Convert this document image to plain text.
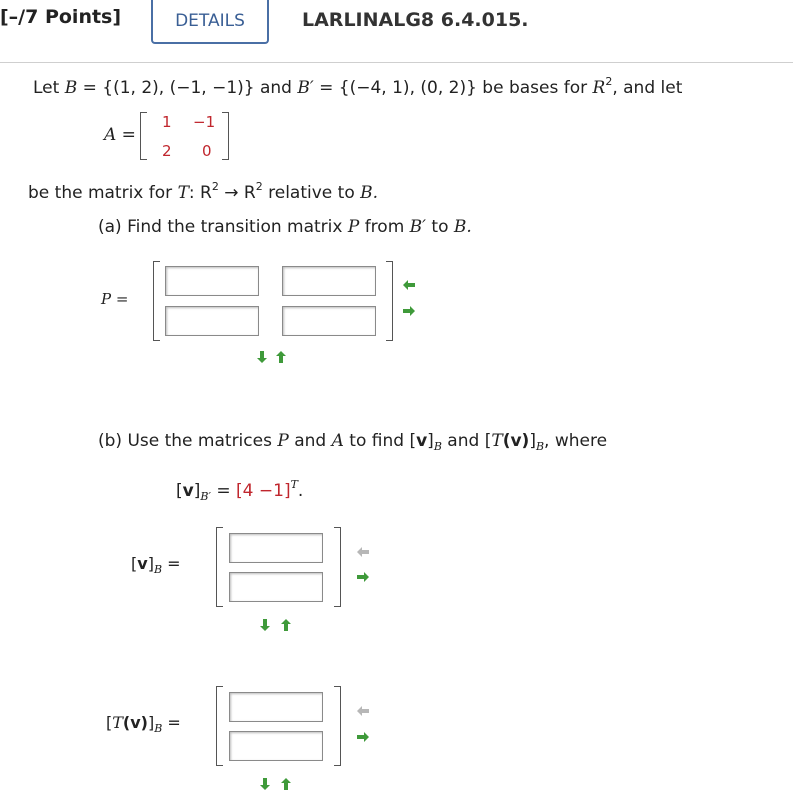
[–/7 Points]	DETAILS	LARLINALG8 6.4.015.
Let B = {(1, 2), (−1, −1)} and B′ = {(−4, 1), (0, 2)} be bases for $R^2$, and let
A =
1 −1
2 0
be the matrix for T: $R^2 \to R^2$ relative to B.
(a) Find the transition matrix P from B′ to B.
P =
(b) Use the matrices P and A to find $[v]_B$ and $[T(v)]_B$, where
$[v]_{B'} = [4 -1]^T$.
$[v]_B$ =
$[T(v)]_B$ =
